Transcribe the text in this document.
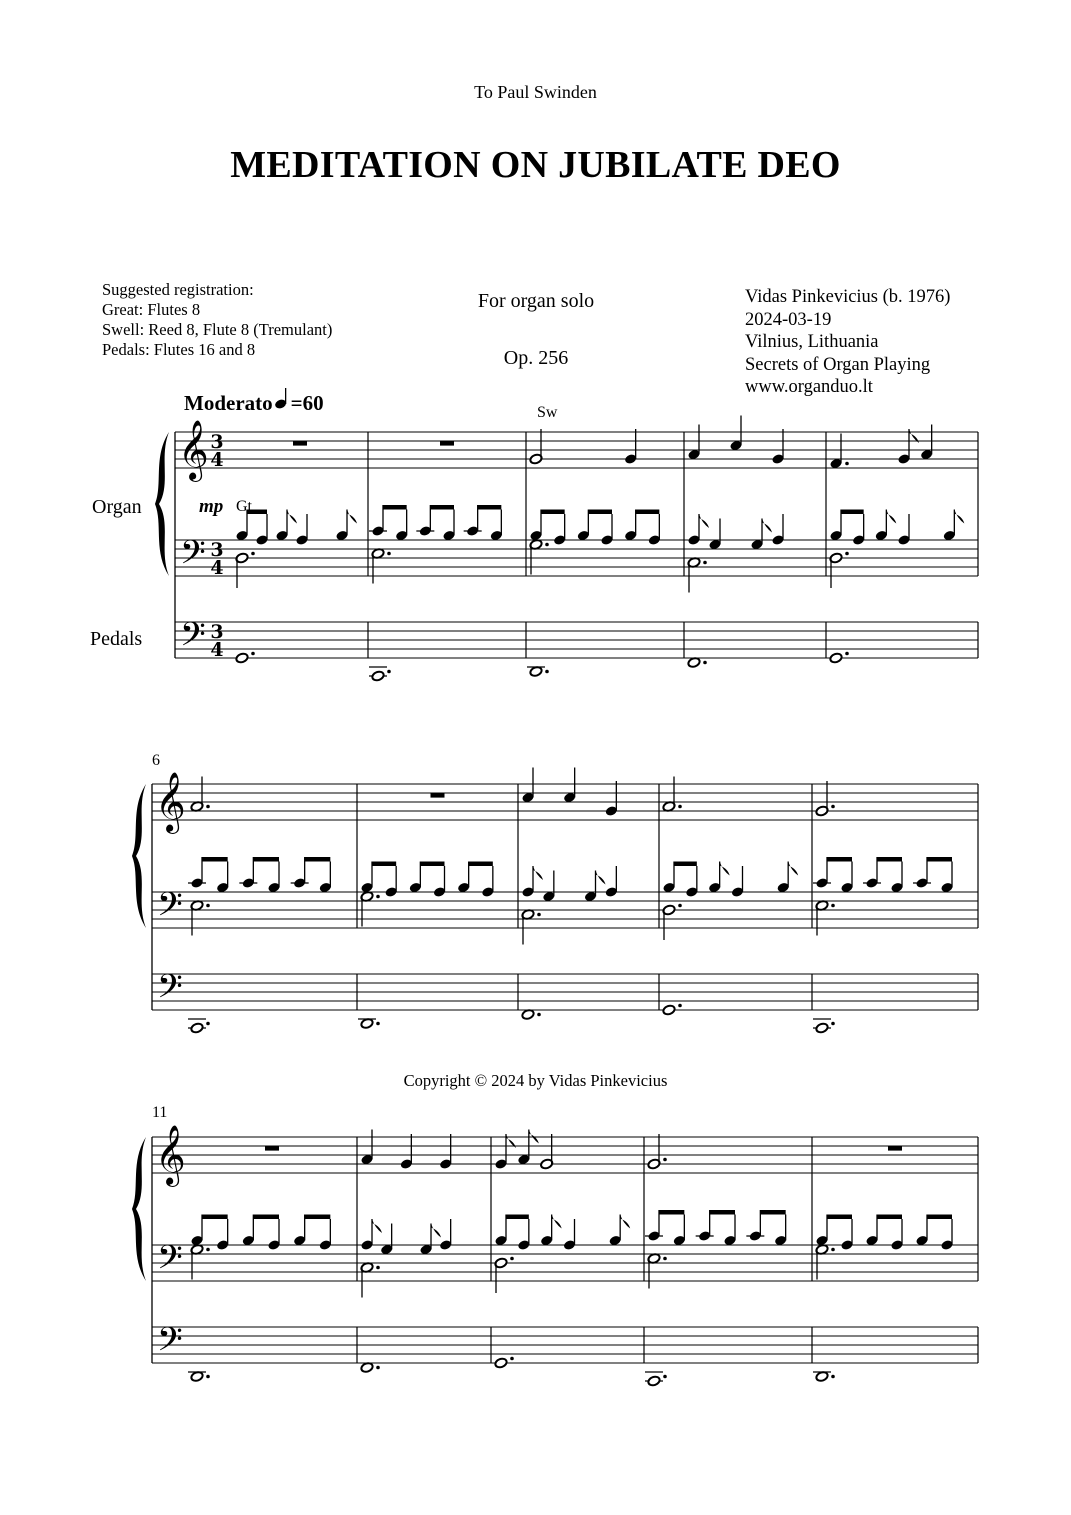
𝄞
𝄢
𝄢
3
4
3
4
3
4
𝄞
𝄢
𝄢
𝄞
𝄢
𝄢
Moderato =60
Organ
Pedals
mp Gt
Sw
6
11
To Paul Swinden
MEDITATION ON JUBILATE DEO
Suggested registration:
Great: Flutes 8
Swell: Reed 8, Flute 8 (Tremulant)
Pedals: Flutes 16 and 8
For organ solo
Op. 256
Vidas Pinkevicius (b. 1976)
2024-03-19
Vilnius, Lithuania
Secrets of Organ Playing
www.organduo.lt
Copyright © 2024 by Vidas Pinkevicius
